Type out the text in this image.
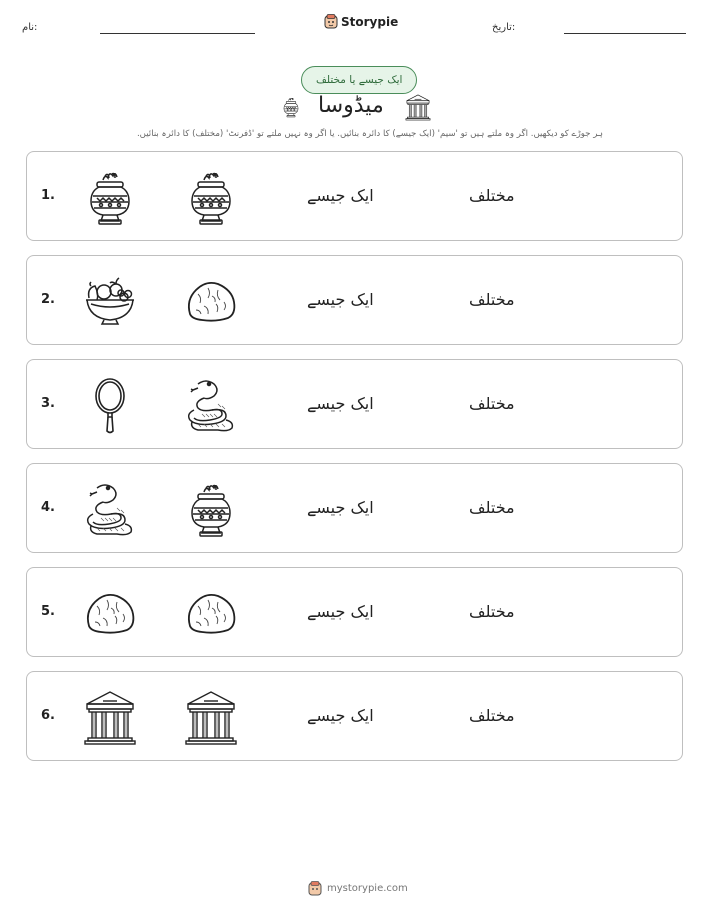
نام:	Storypie	تاریخ:
ایک جیسے یا مختلف
میڈوسا
ہر جوڑے کو دیکھیں. اگر وہ ملتے ہیں تو 'سیم' (ایک جیسے) کا دائرہ بنائیں. یا اگر وہ نہیں ملتے تو 'ڈفرنٹ' (مختلف) کا دائرہ بنائیں.
1.	ایک جیسے	مختلف
2.	ایک جیسے	مختلف
3.	ایک جیسے	مختلف
4.	ایک جیسے	مختلف
5.	ایک جیسے	مختلف
6.	ایک جیسے	مختلف
mystorypie.com
